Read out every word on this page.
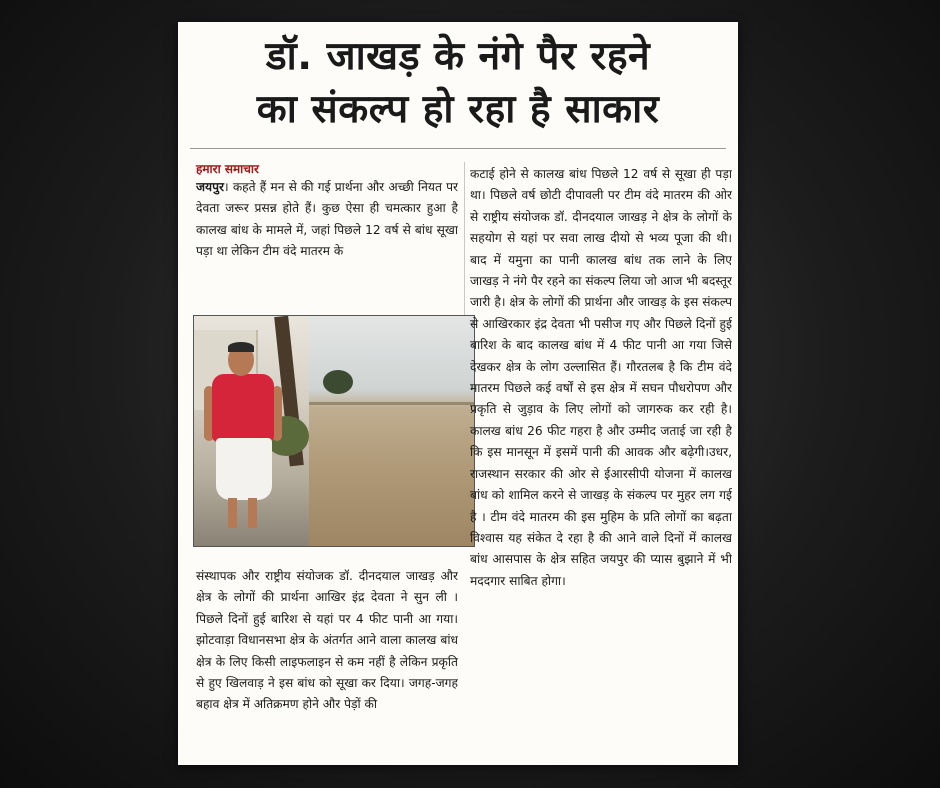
डॉ. जाखड़ के नंगे पैर रहने
का संकल्प हो रहा है साकार
हमारा समाचार
जयपुर। कहते हैं मन से की गई प्रार्थना और अच्छी नियत पर देवता जरूर प्रसन्न होते हैं। कुछ ऐसा ही चमत्कार हुआ है कालख बांध के मामले में, जहां पिछले 12 वर्ष से बांध सूखा पड़ा था लेकिन टीम वंदे मातरम के
संस्थापक और राष्ट्रीय संयोजक डॉ. दीनदयाल जाखड़ और क्षेत्र के लोगों की प्रार्थना आखिर इंद्र देवता ने सुन ली । पिछले दिनों हुई बारिश से यहां पर 4 फीट पानी आ गया। झोटवाड़ा विधानसभा क्षेत्र के अंतर्गत आने वाला कालख बांध क्षेत्र के लिए किसी लाइफलाइन से कम नहीं है लेकिन प्रकृति से हुए खिलवाड़ ने इस बांध को सूखा कर दिया। जगह-जगह बहाव क्षेत्र में अतिक्रमण होने और पेड़ों की
कटाई होने से कालख बांध पिछले 12 वर्ष से सूखा ही पड़ा था। पिछले वर्ष छोटी दीपावली पर टीम वंदे मातरम की ओर से राष्ट्रीय संयोजक डॉ. दीनदयाल जाखड़ ने क्षेत्र के लोगों के सहयोग से यहां पर सवा लाख दीयो से भव्य पूजा की थी। बाद में यमुना का पानी कालख बांध तक लाने के लिए जाखड़ ने नंगे पैर रहने का संकल्प लिया जो आज भी बदस्तूर जारी है। क्षेत्र के लोगों की प्रार्थना और जाखड़ के इस संकल्प से आखिरकार इंद्र देवता भी पसीज गए और पिछले दिनों हुई बारिश के बाद कालख बांध में 4 फीट पानी आ गया जिसे देखकर क्षेत्र के लोग उल्लासित हैं। गौरतलब है कि टीम वंदे मातरम पिछले कई वर्षों से इस क्षेत्र में सघन पौधरोपण और प्रकृति से जुड़ाव के लिए लोगों को जागरुक कर रही है। कालख बांध 26 फीट गहरा है और उम्मीद जताई जा रही है कि इस मानसून में इसमें पानी की आवक और बढ़ेगी।उधर, राजस्थान सरकार की ओर से ईआरसीपी योजना में कालख बांध को शामिल करने से जाखड़ के संकल्प पर मुहर लग गई है । टीम वंदे मातरम की इस मुहिम के प्रति लोगों का बढ़ता विश्वास यह संकेत दे रहा है की आने वाले दिनों में कालख बांध आसपास के क्षेत्र सहित जयपुर की प्यास बुझाने में भी मददगार साबित होगा।
